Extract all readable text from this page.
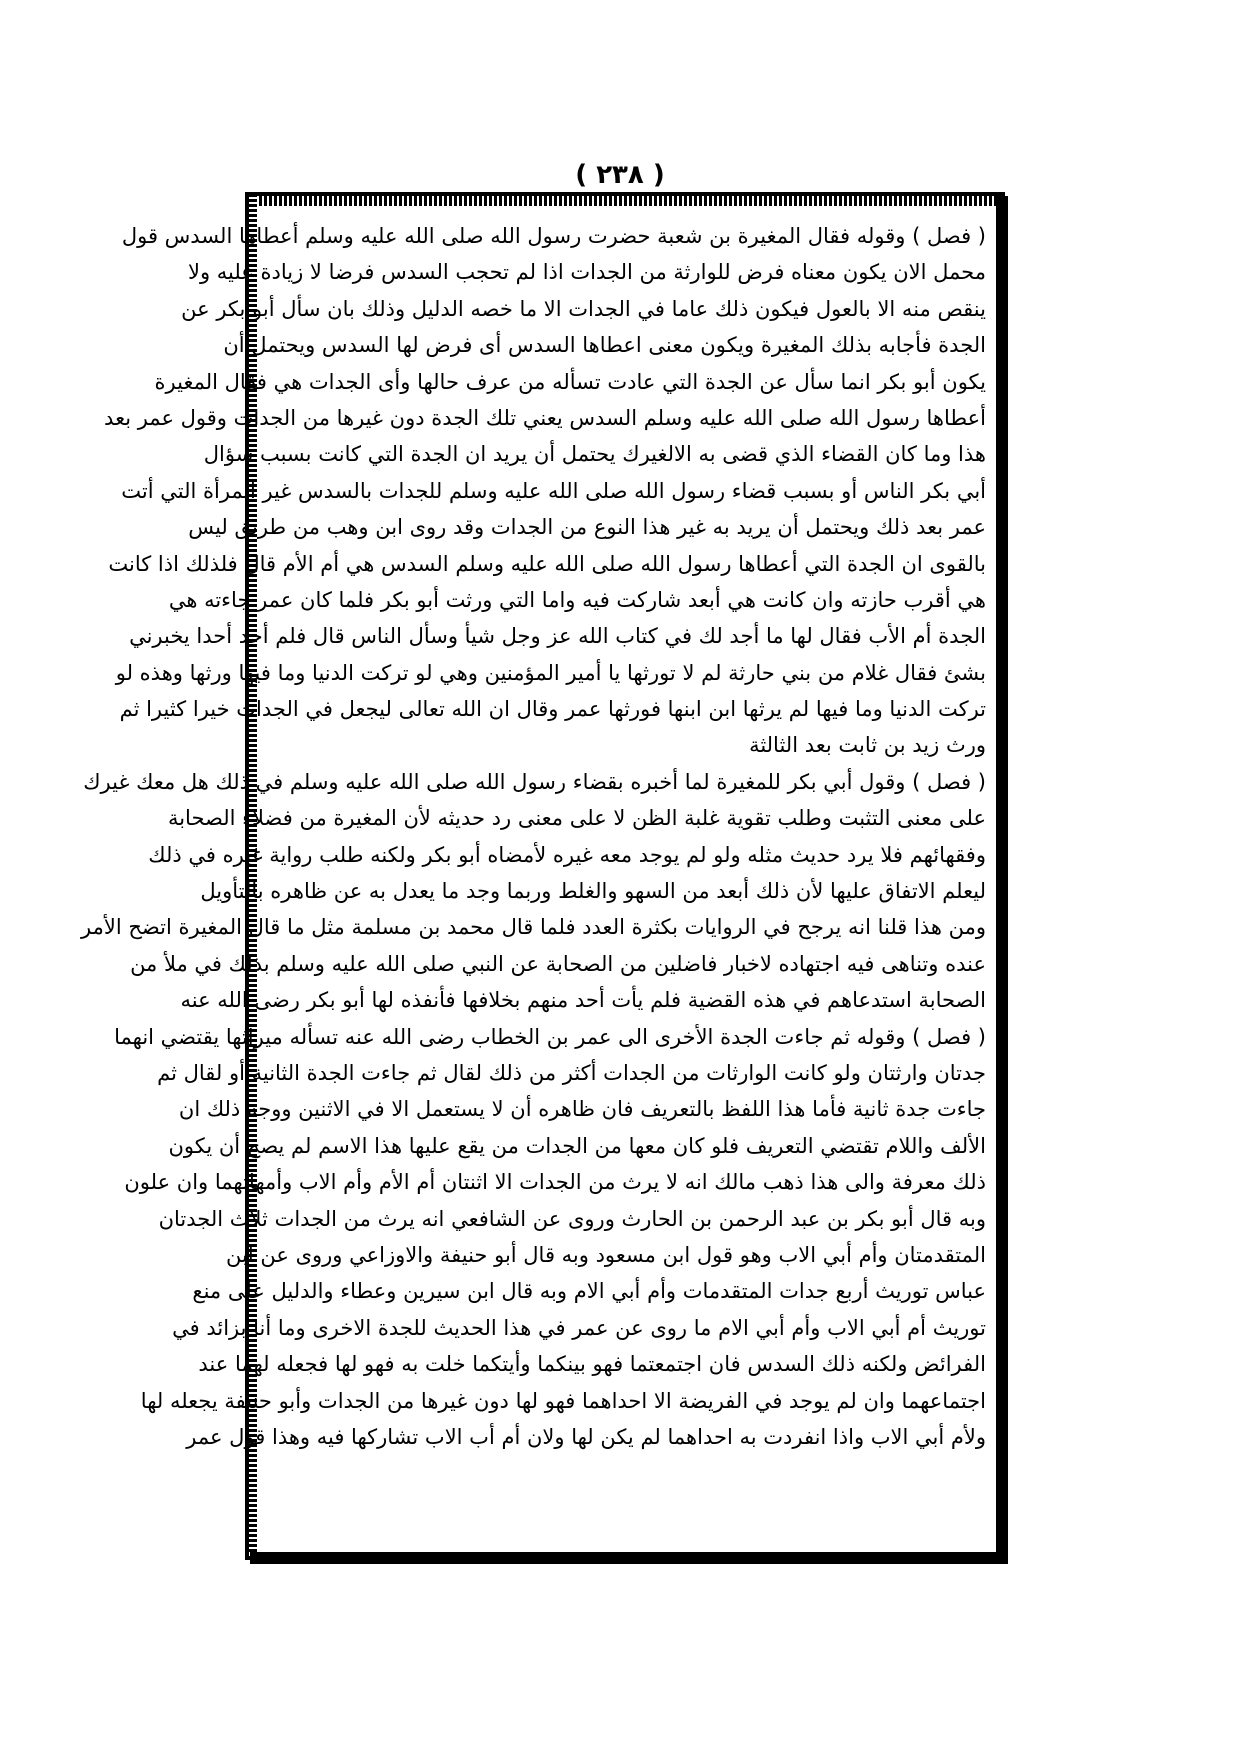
( ٢٣٨ )
( فصل ) وقوله فقال المغيرة بن شعبة حضرت رسول الله صلى الله عليه وسلم أعطاها السدس قول
محمل الان يكون معناه فرض للوارثة من الجدات اذا لم تحجب السدس فرضا لا زيادة عليه ولا
ينقص منه الا بالعول فيكون ذلك عاما في الجدات الا ما خصه الدليل وذلك بان سأل أبو بكر عن
الجدة فأجابه بذلك المغيرة ويكون معنى اعطاها السدس أى فرض لها السدس ويحتمل أن
يكون أبو بكر انما سأل عن الجدة التي عادت تسأله من عرف حالها وأى الجدات هي فقال المغيرة
أعطاها رسول الله صلى الله عليه وسلم السدس يعني تلك الجدة دون غيرها من الجدات وقول عمر بعد
هذا وما كان القضاء الذي قضى به الالغيرك يحتمل أن يريد ان الجدة التي كانت بسبب سؤال
أبي بكر الناس أو بسبب قضاء رسول الله صلى الله عليه وسلم للجدات بالسدس غير المرأة التي أتت
عمر بعد ذلك ويحتمل أن يريد به غير هذا النوع من الجدات وقد روى ابن وهب من طريق ليس
بالقوى ان الجدة التي أعطاها رسول الله صلى الله عليه وسلم السدس هي أم الأم قال فلذلك اذا كانت
هي أقرب حازته وان كانت هي أبعد شاركت فيه واما التي ورثت أبو بكر فلما كان عمر جاءته هي
الجدة أم الأب فقال لها ما أجد لك في كتاب الله عز وجل شيأ وسأل الناس قال فلم أجد أحدا يخبرني
بشئ فقال غلام من بني حارثة لم لا تورثها يا أمير المؤمنين وهي لو تركت الدنيا وما فيها ورثها وهذه لو
تركت الدنيا وما فيها لم يرثها ابن ابنها فورثها عمر وقال ان الله تعالى ليجعل في الجدات خيرا كثيرا ثم
ورث زيد بن ثابت بعد الثالثة
( فصل ) وقول أبي بكر للمغيرة لما أخبره بقضاء رسول الله صلى الله عليه وسلم في ذلك هل معك غيرك
على معنى التثبت وطلب تقوية غلبة الظن لا على معنى رد حديثه لأن المغيرة من فضلاء الصحابة
وفقهائهم فلا يرد حديث مثله ولو لم يوجد معه غيره لأمضاه أبو بكر ولكنه طلب رواية غيره في ذلك
ليعلم الاتفاق عليها لأن ذلك أبعد من السهو والغلط وربما وجد ما يعدل به عن ظاهره بالتأويل
ومن هذا قلنا انه يرجح في الروايات بكثرة العدد فلما قال محمد بن مسلمة مثل ما قال المغيرة اتضح الأمر
عنده وتناهى فيه اجتهاده لاخبار فاضلين من الصحابة عن النبي صلى الله عليه وسلم بذلك في ملأ من
الصحابة استدعاهم في هذه القضية فلم يأت أحد منهم بخلافها فأنفذه لها أبو بكر رضى الله عنه
( فصل ) وقوله ثم جاءت الجدة الأخرى الى عمر بن الخطاب رضى الله عنه تسأله ميراثها يقتضي انهما
جدتان وارثتان ولو كانت الوارثات من الجدات أكثر من ذلك لقال ثم جاءت الجدة الثانية أو لقال ثم
جاءت جدة ثانية فأما هذا اللفظ بالتعريف فان ظاهره أن لا يستعمل الا في الاثنين ووجه ذلك ان
الألف واللام تقتضي التعريف فلو كان معها من الجدات من يقع عليها هذا الاسم لم يصح أن يكون
ذلك معرفة والى هذا ذهب مالك انه لا يرث من الجدات الا اثنتان أم الأم وأم الاب وأمهاتهما وان علون
وبه قال أبو بكر بن عبد الرحمن بن الحارث وروى عن الشافعي انه يرث من الجدات ثلاث الجدتان
المتقدمتان وأم أبي الاب وهو قول ابن مسعود وبه قال أبو حنيفة والاوزاعي وروى عن ابن
عباس توريث أربع جدات المتقدمات وأم أبي الام وبه قال ابن سيرين وعطاء والدليل على منع
توريث أم أبي الاب وأم أبي الام ما روى عن عمر في هذا الحديث للجدة الاخرى وما أنا بزائد في
الفرائض ولكنه ذلك السدس فان اجتمعتما فهو بينكما وأيتكما خلت به فهو لها فجعله لهما عند
اجتماعهما وان لم يوجد في الفريضة الا احداهما فهو لها دون غيرها من الجدات وأبو حنيفة يجعله لها
ولأم أبي الاب واذا انفردت به احداهما لم يكن لها ولان أم أب الاب تشاركها فيه وهذا قول عمر
